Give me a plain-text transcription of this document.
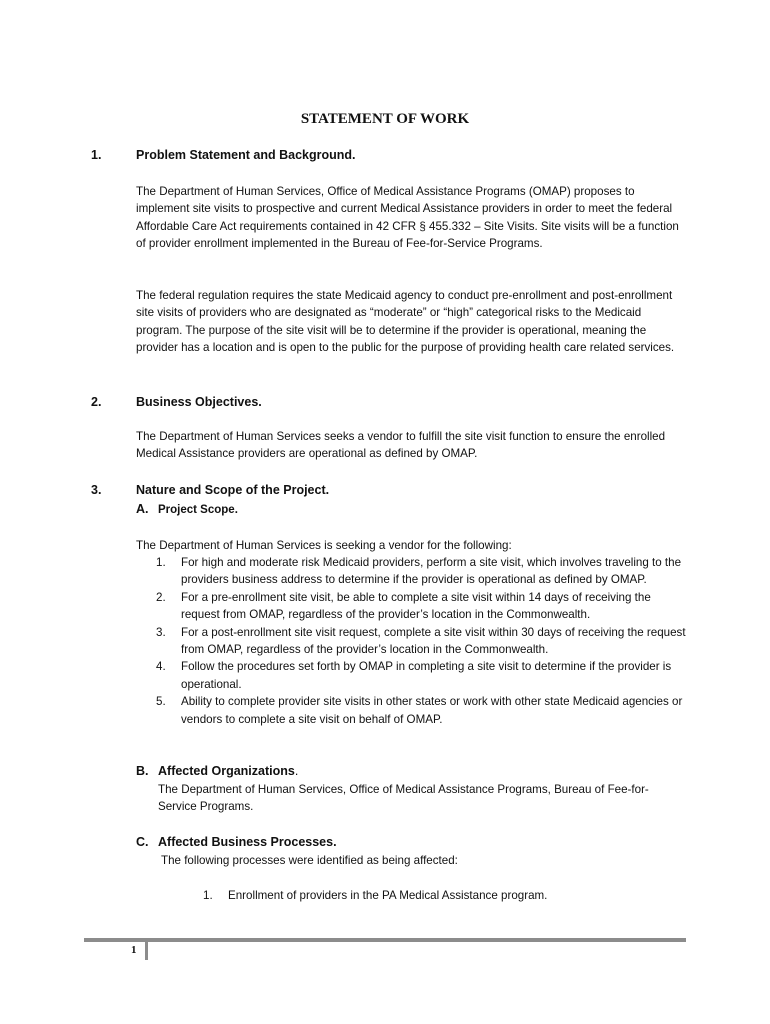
STATEMENT OF WORK
1.	Problem Statement and Background.

The Department of Human Services, Office of Medical Assistance Programs (OMAP) proposes to implement site visits to prospective and current Medical Assistance providers in order to meet the federal Affordable Care Act requirements contained in 42 CFR § 455.332 – Site Visits. Site visits will be a function of provider enrollment implemented in the Bureau of Fee-for-Service Programs.

The federal regulation requires the state Medicaid agency to conduct pre-enrollment and post-enrollment site visits of providers who are designated as “moderate” or “high” categorical risks to the Medicaid program. The purpose of the site visit will be to determine if the provider is operational, meaning the provider has a location and is open to the public for the purpose of providing health care related services.

2.	Business Objectives.

The Department of Human Services seeks a vendor to fulfill the site visit function to ensure the enrolled Medical Assistance providers are operational as defined by OMAP.

3.	Nature and Scope of the Project.
A. Project Scope.

The Department of Human Services is seeking a vendor for the following:

1.	For high and moderate risk Medicaid providers, perform a site visit, which involves traveling to the providers business address to determine if the provider is operational as defined by OMAP.
2.	For a pre-enrollment site visit, be able to complete a site visit within 14 days of receiving the request from OMAP, regardless of the provider’s location in the Commonwealth.
3.	For a post-enrollment site visit request, complete a site visit within 30 days of receiving the request from OMAP, regardless of the provider’s location in the Commonwealth.
4.	Follow the procedures set forth by OMAP in completing a site visit to determine if the provider is operational.
5.	Ability to complete provider site visits in other states or work with other state Medicaid agencies or vendors to complete a site visit on behalf of OMAP.
B. Affected Organizations.

The Department of Human Services, Office of Medical Assistance Programs, Bureau of Fee-for-Service Programs.

C. Affected Business Processes.

The following processes were identified as being affected:

1.	Enrollment of providers in the PA Medical Assistance program.
1
